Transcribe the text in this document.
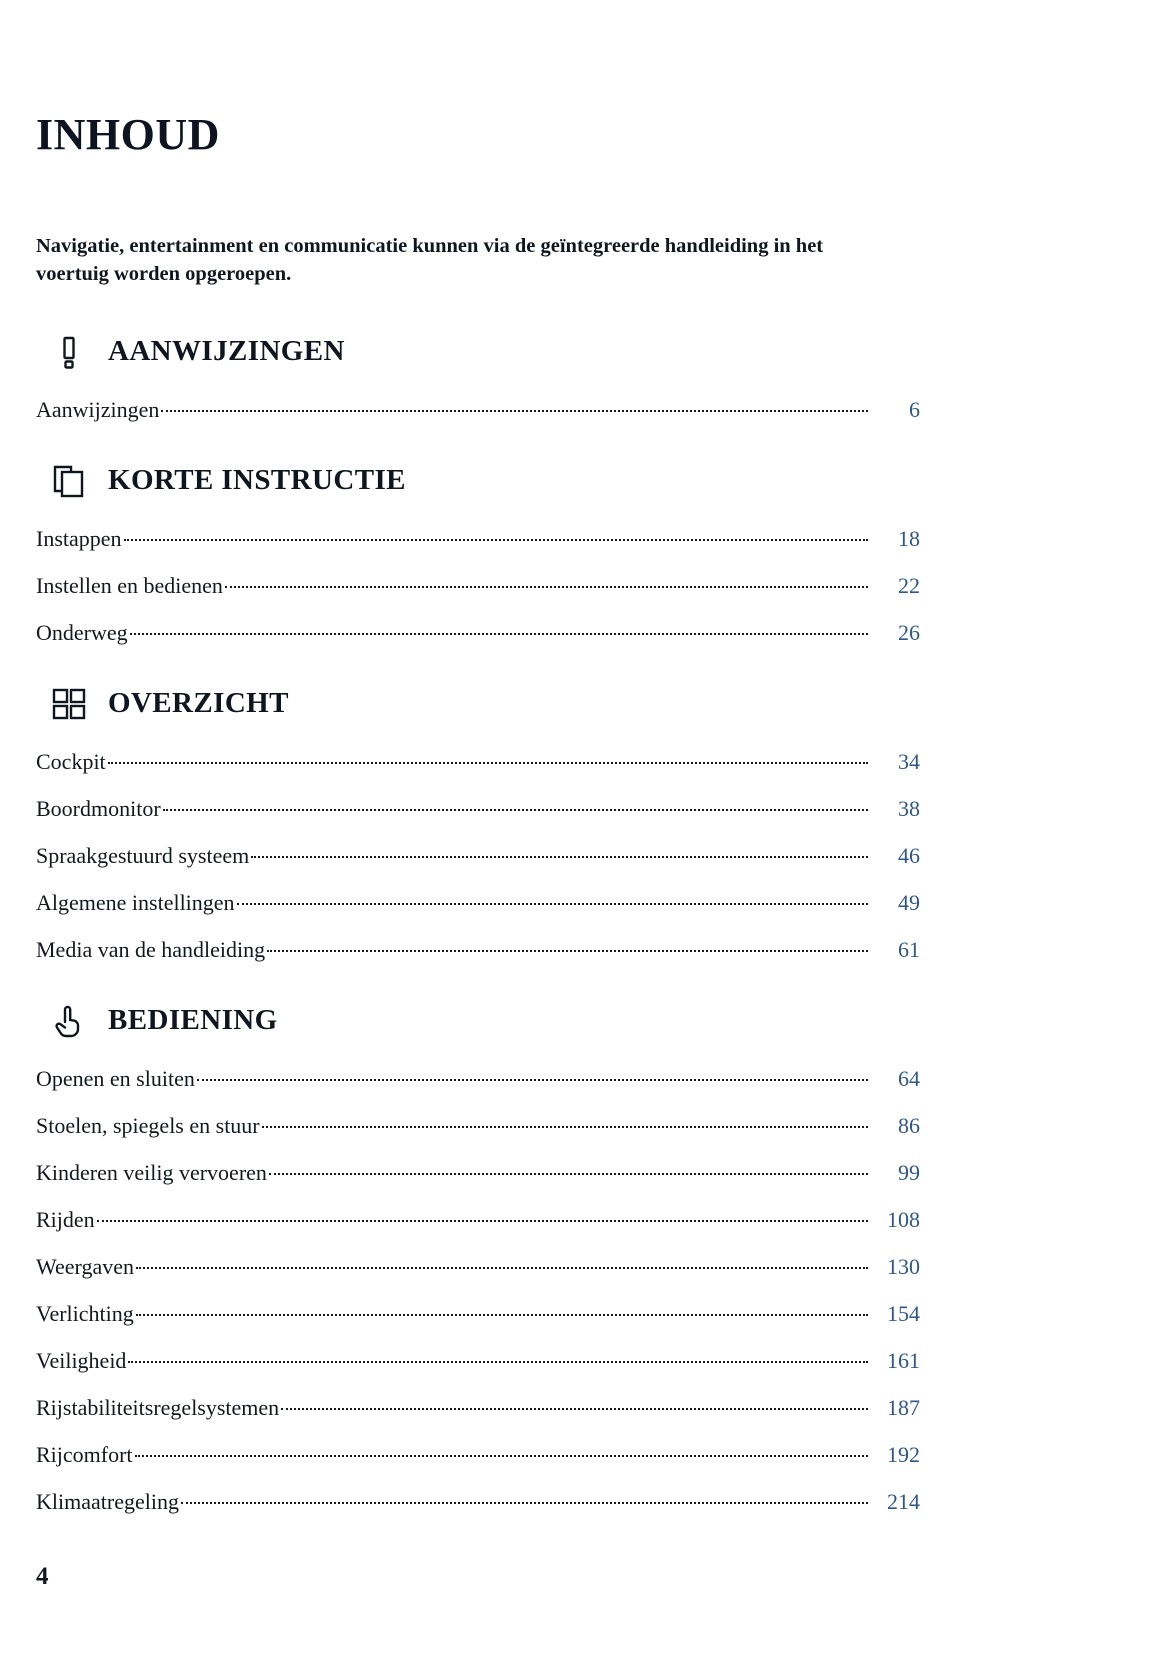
INHOUD

Navigatie, entertainment en communicatie kunnen via de geïntegreerde handleiding in het voertuig worden opgeroepen.

AANWIJZINGEN
Aanwijzingen	6
KORTE INSTRUCTIE
Instappen	18
Instellen en bedienen	22
Onderweg	26
OVERZICHT
Cockpit	34
Boordmonitor	38
Spraakgestuurd systeem	46
Algemene instellingen	49
Media van de handleiding	61
BEDIENING
Openen en sluiten	64
Stoelen, spiegels en stuur	86
Kinderen veilig vervoeren	99
Rijden	108
Weergaven	130
Verlichting	154
Veiligheid	161
Rijstabiliteitsregelsystemen	187
Rijcomfort	192
Klimaatregeling	214
4
